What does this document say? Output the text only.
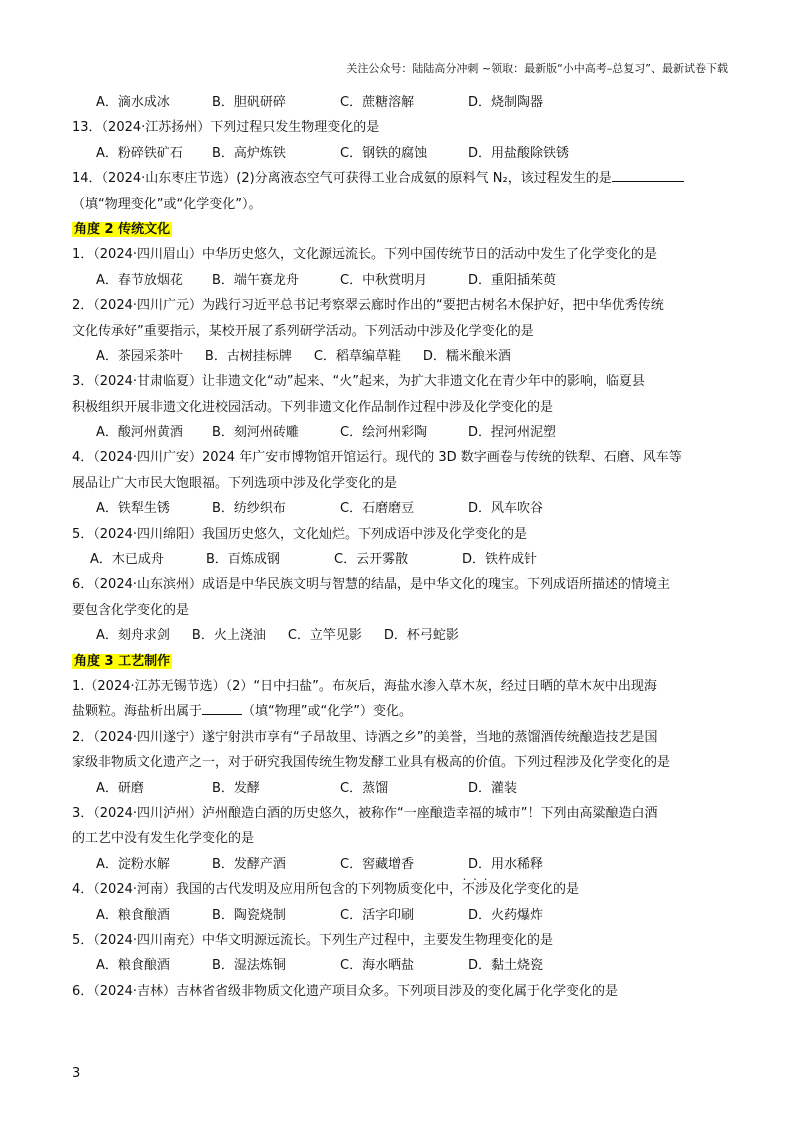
关注公众号：陆陆高分冲刺 ~领取：最新版“小中高考–总复习”、最新试卷下载
A．滴水成冰	B．胆矾研碎	C．蔗糖溶解	D．烧制陶器
13．（2024·江苏扬州）下列过程只发生物理变化的是
A．粉碎铁矿石	B．高炉炼铁	C．钢铁的腐蚀	D．用盐酸除铁锈
14．（2024·山东枣庄节选）(2)分离液态空气可获得工业合成氨的原料气 N₂，该过程发生的是
（填“物理变化”或“化学变化”）。
角度 2 传统文化
1．（2024·四川眉山）中华历史悠久，文化源远流长。下列中国传统节日的活动中发生了化学变化的是
A．春节放烟花	B．端午赛龙舟	C．中秋赏明月	D．重阳插茱萸
2．（2024·四川广元）为践行习近平总书记考察翠云廊时作出的“要把古树名木保护好，把中华优秀传统
文化传承好”重要指示，某校开展了系列研学活动。下列活动中涉及化学变化的是
A．茶园采茶叶 B．古树挂标牌 C．稻草编草鞋 D．糯米酿米酒
3．（2024·甘肃临夏）让非遗文化“动”起来、“火”起来，为扩大非遗文化在青少年中的影响，临夏县
积极组织开展非遗文化进校园活动。下列非遗文化作品制作过程中涉及化学变化的是
A．酸河州黄酒	B．刻河州砖雕	C．绘河州彩陶	D．捏河州泥塑
4．（2024·四川广安）2024 年广安市博物馆开馆运行。现代的 3D 数字画卷与传统的铁犁、石磨、风车等
展品让广大市民大饱眼福。下列选项中涉及化学变化的是
A．铁犁生锈	B．纺纱织布	C．石磨磨豆	D．风车吹谷
5．（2024·四川绵阳）我国历史悠久，文化灿烂。下列成语中涉及化学变化的是
A．木已成舟	B．百炼成钢	C．云开雾散	D．铁杵成针
6．（2024·山东滨州）成语是中华民族文明与智慧的结晶，是中华文化的瑰宝。下列成语所描述的情境主
要包含化学变化的是
A．刻舟求剑 B．火上浇油 C．立竿见影 D．杯弓蛇影
角度 3 工艺制作
1.（2024·江苏无锡节选）（2）“日中扫盐”。布灰后，海盐水渗入草木灰，经过日晒的草木灰中出现海
盐颗粒。海盐析出属于	（填“物理”或“化学”）变化。
2．（2024·四川遂宁）遂宁射洪市享有“子昂故里、诗酒之乡”的美誉，当地的蒸馏酒传统酿造技艺是国
家级非物质文化遗产之一，对于研究我国传统生物发酵工业具有极高的价值。下列过程涉及化学变化的是
A．研磨	B．发酵	C．蒸馏	D．灌装
3．（2024·四川泸州）泸州酿造白酒的历史悠久，被称作“一座酿造幸福的城市”！下列由高粱酿造白酒
的工艺中没有发生化学变化的是
A．淀粉水解	B．发酵产酒	C．窖藏增香	D．用水稀释
4．（2024·河南）我国的古代发明及应用所包含的下列物质变化中，• • • 不涉及化学变化的是
A．粮食酿酒	B．陶瓷烧制	C．活字印刷	D．火药爆炸
5．（2024·四川南充）中华文明源远流长。下列生产过程中，主要发生物理变化的是
A．粮食酿酒	B．湿法炼铜	C．海水晒盐	D．黏土烧瓷
6．（2024·吉林）吉林省省级非物质文化遗产项目众多。下列项目涉及的变化属于化学变化的是
3
